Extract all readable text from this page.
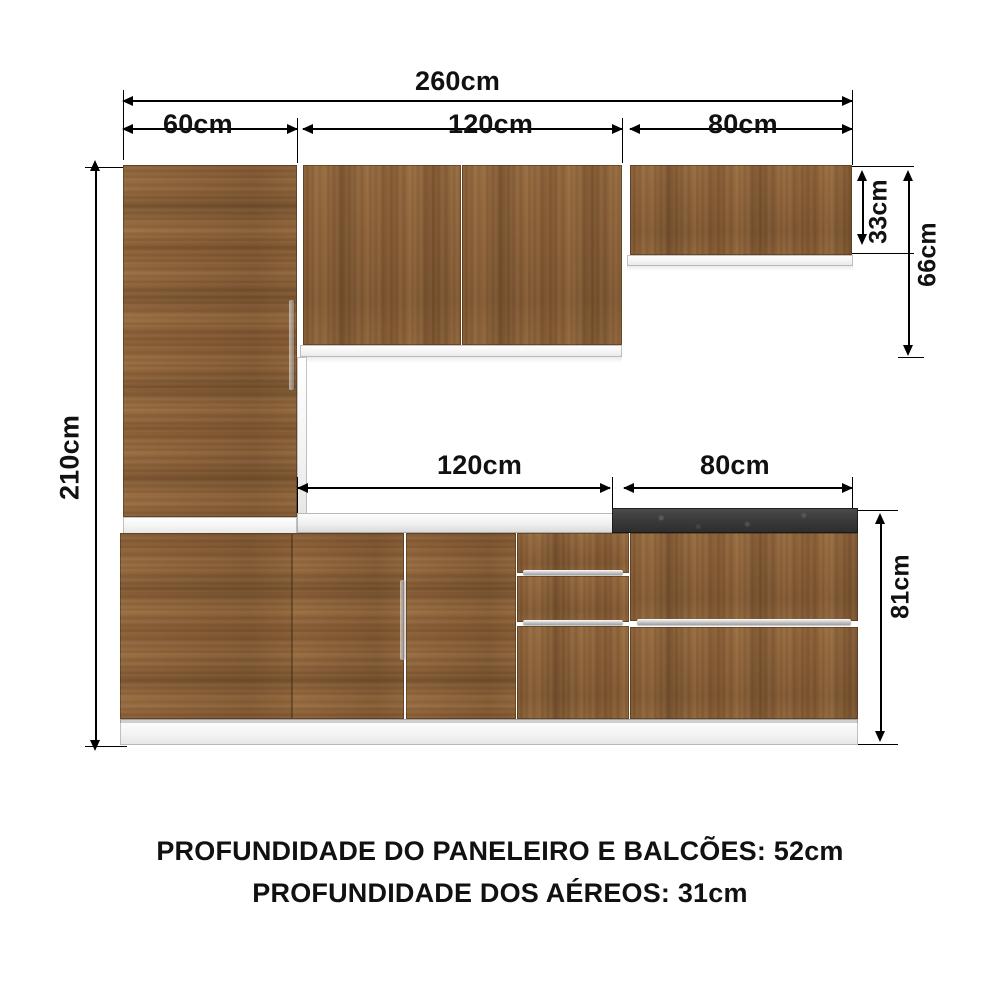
260cm
60cm	120cm	80cm
210cm
33cm
66cm
120cm	80cm
81cm
PROFUNDIDADE DO PANELEIRO E BALCÕES: 52cm
PROFUNDIDADE DOS AÉREOS: 31cm
